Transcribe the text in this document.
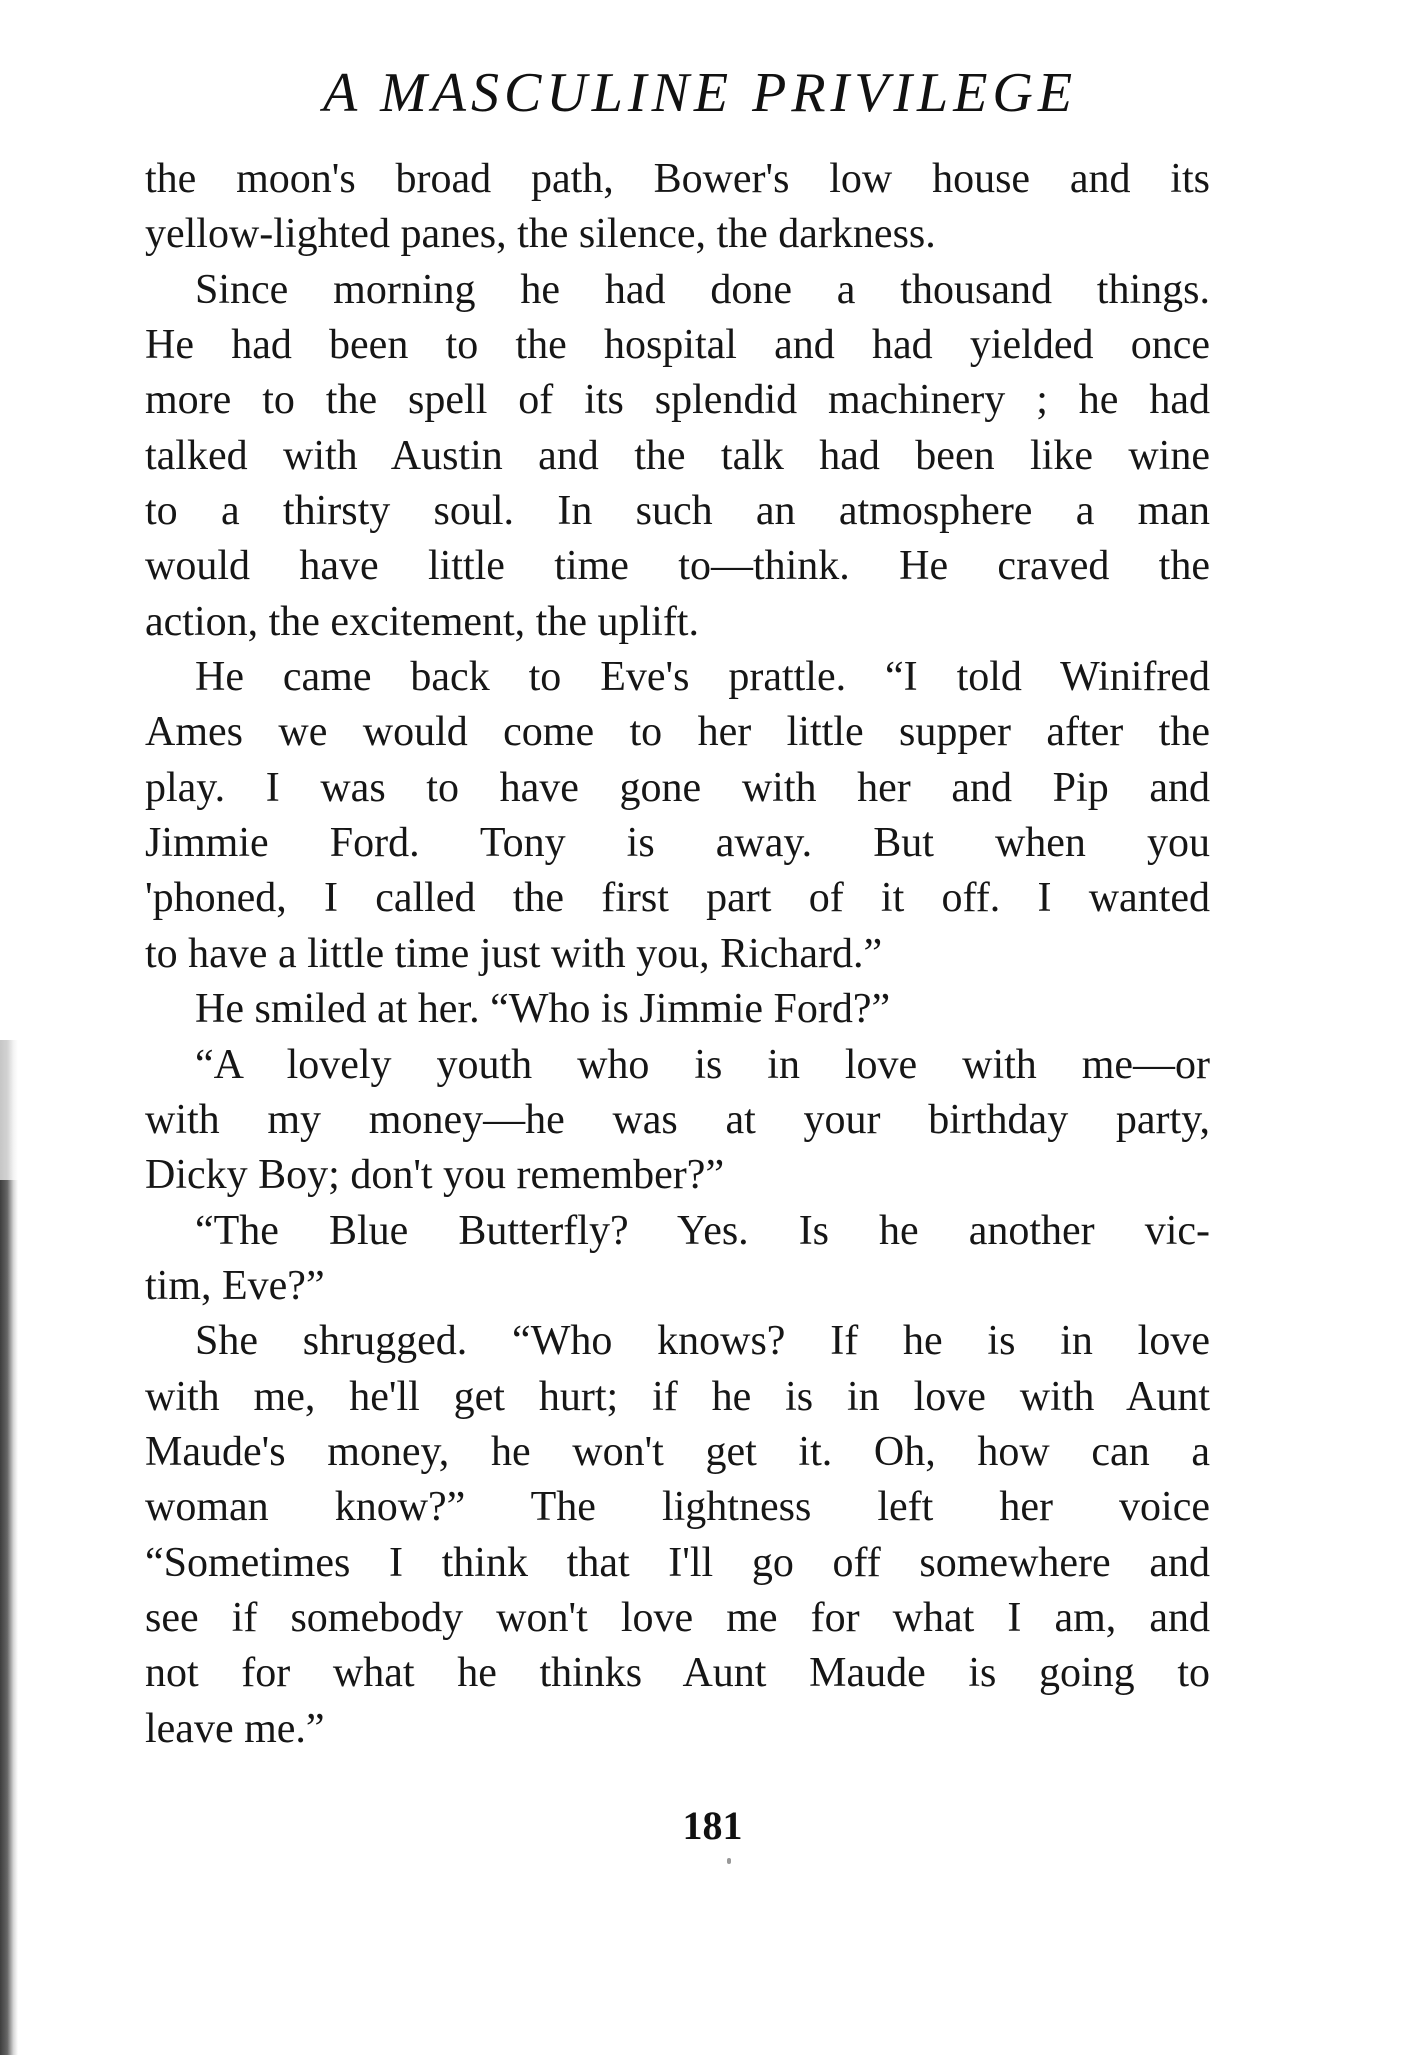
A MASCULINE PRIVILEGE
the moon's broad path, Bower's low house and its
yellow-lighted panes, the silence, the darkness.
Since morning he had done a thousand things.
He had been to the hospital and had yielded once
more to the spell of its splendid machinery ; he had
talked with Austin and the talk had been like wine
to a thirsty soul. In such an atmosphere a man
would have little time to—think. He craved the
action, the excitement, the uplift.
He came back to Eve's prattle. “I told Winifred
Ames we would come to her little supper after the
play. I was to have gone with her and Pip and
Jimmie Ford. Tony is away. But when you
'phoned, I called the first part of it off. I wanted
to have a little time just with you, Richard.”
He smiled at her. “Who is Jimmie Ford?”
“A lovely youth who is in love with me—or
with my money—he was at your birthday party,
Dicky Boy; don't you remember?”
“The Blue Butterfly? Yes. Is he another vic-
tim, Eve?”
She shrugged. “Who knows? If he is in love
with me, he'll get hurt; if he is in love with Aunt
Maude's money, he won't get it. Oh, how can a
woman know?” The lightness left her voice
“Sometimes I think that I'll go off somewhere and
see if somebody won't love me for what I am, and
not for what he thinks Aunt Maude is going to
leave me.”
181
